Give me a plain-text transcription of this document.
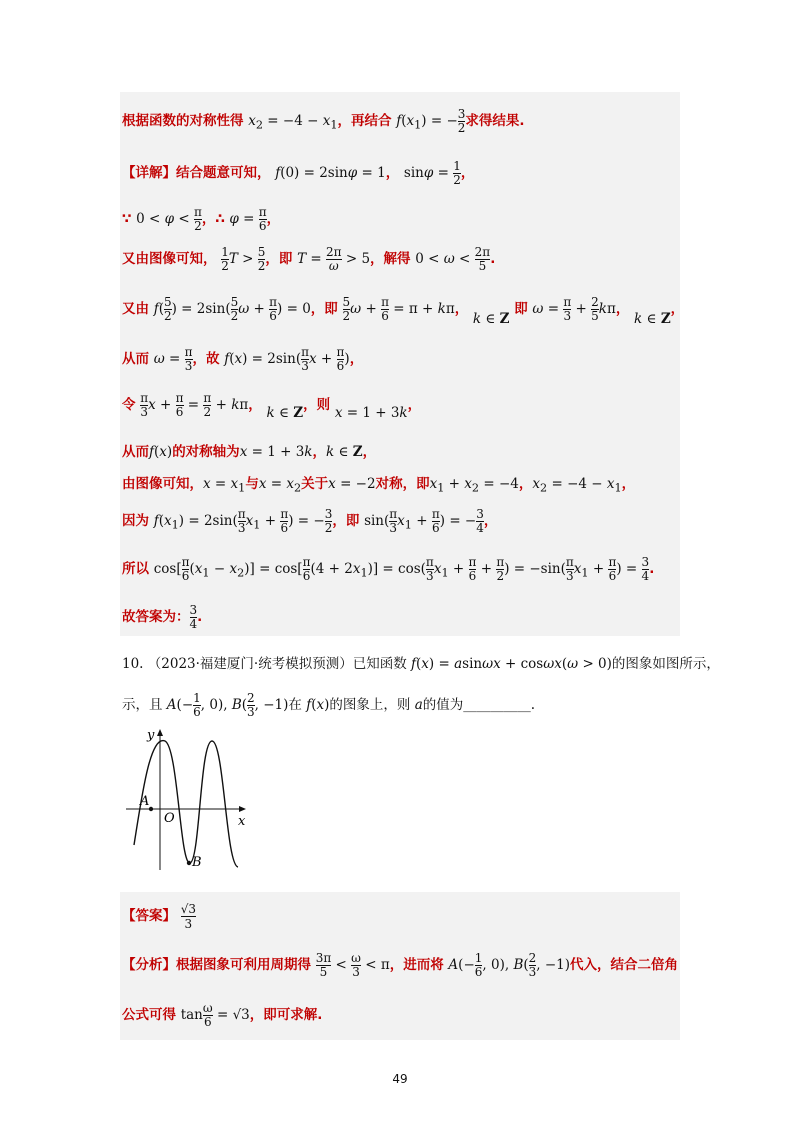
根据函数的对称性得 $x_2 = -4 - x_1$，再结合 $f(x_1)$ = − $\frac{3}{2}$ 求得结果.
【详解】结合题意可知， f(0) = 2sinφ = 1， $\sin\varphi = \frac{1}{2}$ ，
∵ $0 < \varphi < \frac{\pi}{2}$ ，∴ $\varphi = \frac{\pi}{6}$ ，
又由图像可知， $\frac{1}{2}$ $T > \frac{5}{2}$ ，即 $T = \frac{2\pi}{\omega} > 5$，解得 $0 < \omega < \frac{2\pi}{5}$ .
又由 $f( \frac{5}{2}$ ) = $2\sin( \frac{5}{2}$ $\omega + \frac{\pi}{6}$ ) = 0，即 $\frac{5}{2}$ $\omega + \frac{\pi}{6} = \pi + k\pi$， k ∈ Z 即 $\omega = \frac{\pi}{3} + \frac{2}{5}$ kπ， k ∈ Z，
从而 $\omega = \frac{\pi}{3}$ ，故 $f(x) = 2\sin( \frac{\pi}{3}$ $x + \frac{\pi}{6}$ )，
令 $\frac{\pi}{3}$ $x + \frac{\pi}{6} = \frac{\pi}{2} + k\pi$， k ∈ Z，则 x = 1 + 3k，
从而f(x)的对称轴为x = 1 + 3k，k ∈ Z，
由图像可知，$x = x_1$与$x = x_2$关于x = −2对称，即$x_1 + x_2 = -4$，$x_2 = -4 - x_1$，
因为 $f(x_1) = 2\sin( \frac{\pi}{3} x_1 + \frac{\pi}{6}$ ) = − $\frac{3}{2}$ ，即 $\sin( \frac{\pi}{3} x_1 + \frac{\pi}{6}$ ) = − $\frac{3}{4}$ ，
所以 $\cos[ \frac{\pi}{6} (x_1 - x_2)] = \cos[ \frac{\pi}{6} (4 + 2x_1)] = \cos( \frac{\pi}{3} x_1 + \frac{\pi}{6} + \frac{\pi}{2}$ ) = $-\sin( \frac{\pi}{3} x_1 + \frac{\pi}{6}$ ) = $\frac{3}{4}$ .
故答案为： $\frac{3}{4}$ .
10. （2023·福建厦门·统考模拟预测）已知函数 f(x) = asinωx + cosωx(ω > 0)的图象如图所示，
示，且 $A(- \frac{1}{6}$ , 0), $B( \frac{2}{3}$ , −1)在 f(x)的图象上，则 a的值为__________.
y
x
O
A
B
【答案】 $\frac{√3}{3}$
【分析】根据图象可利用周期得 $\frac{3\pi}{5} < \frac{\omega}{3} < \pi$，进而将 $A(- \frac{1}{6}$ , 0), $B( \frac{2}{3}$ , −1)代入，结合二倍角
公式可得 $\tan \frac{\omega}{6} = √3$，即可求解.
49
